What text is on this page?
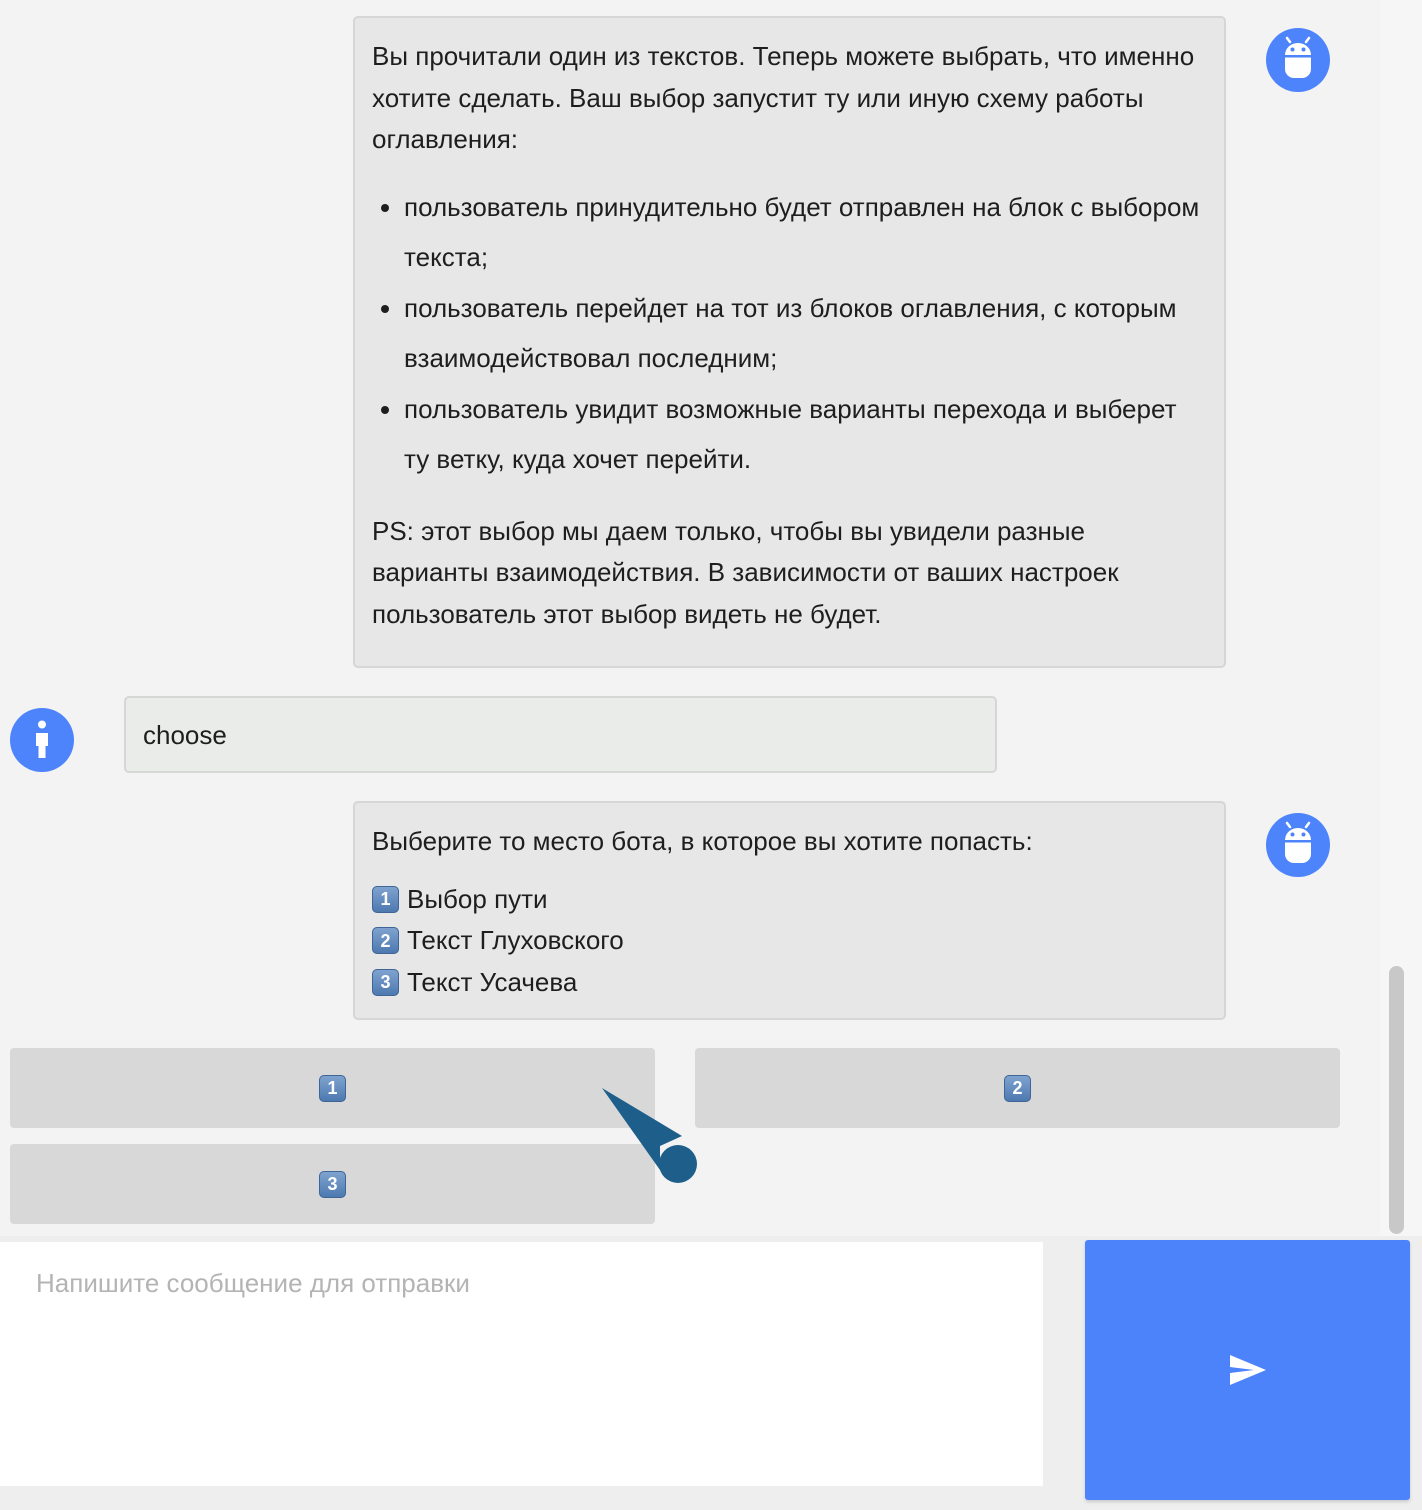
Вы прочитали один из текстов. Теперь можете выбрать, что именно хотите сделать. Ваш выбор запустит ту или иную схему работы оглавления:

• пользователь принудительно будет отправлен на блок с выбором текста;
• пользователь перейдет на тот из блоков оглавления, с которым взаимодействовал последним;
• пользователь увидит возможные варианты перехода и выберет ту ветку, куда хочет перейти.

PS: этот выбор мы даем только, чтобы вы увидели разные варианты взаимодействия. В зависимости от ваших настроек пользователь этот выбор видеть не будет.

choose

Выберите то место бота, в которое вы хотите попасть:

1 Выбор пути
2 Текст Глуховского
3 Текст Усачева
1	2
3
Напишите сообщение для отправки
